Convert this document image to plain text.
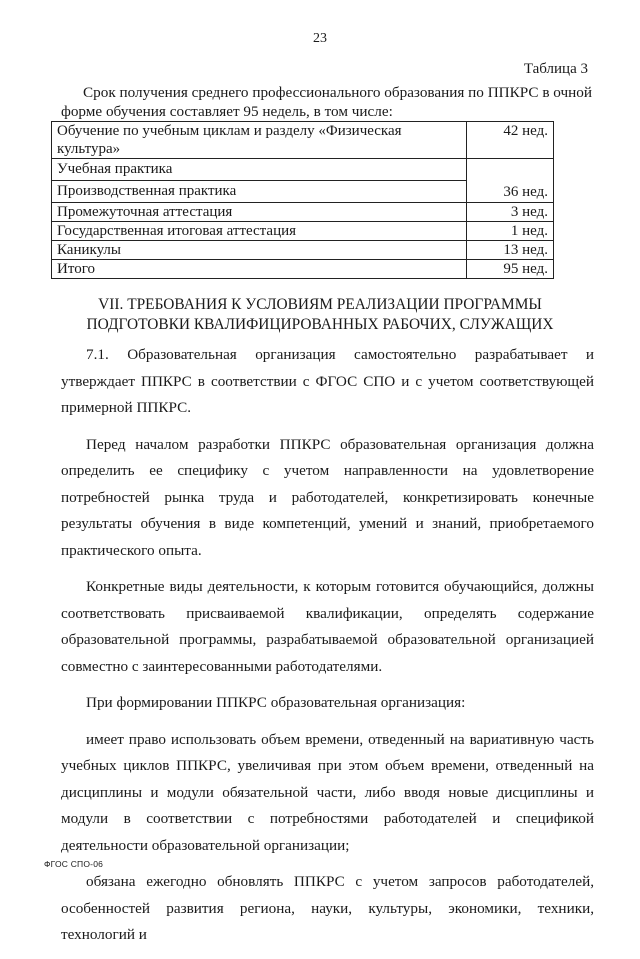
23
Таблица 3
Срок получения среднего профессионального образования по ППКРС в очной форме обучения составляет 95 недель, в том числе:
Обучение по учебным циклам и разделу «Физическая культура»	42 нед.

Учебная практика
Производственная практика	36 нед.
Промежуточная аттестация	3 нед.
Государственная итоговая аттестация	1 нед.
Каникулы	13 нед.
Итого	95 нед.
VII. ТРЕБОВАНИЯ К УСЛОВИЯМ РЕАЛИЗАЦИИ ПРОГРАММЫ
ПОДГОТОВКИ КВАЛИФИЦИРОВАННЫХ РАБОЧИХ, СЛУЖАЩИХ

7.1. Образовательная организация самостоятельно разрабатывает и утверждает ППКРС в соответствии с ФГОС СПО и с учетом соответствующей примерной ППКРС.

Перед началом разработки ППКРС образовательная организация должна определить ее специфику с учетом направленности на удовлетворение потребностей рынка труда и работодателей, конкретизировать конечные результаты обучения в виде компетенций, умений и знаний, приобретаемого практического опыта.

Конкретные виды деятельности, к которым готовится обучающийся, должны соответствовать присваиваемой квалификации, определять содержание образовательной программы, разрабатываемой образовательной организацией совместно с заинтересованными работодателями.

При формировании ППКРС образовательная организация:

имеет право использовать объем времени, отведенный на вариативную часть учебных циклов ППКРС, увеличивая при этом объем времени, отведенный на дисциплины и модули обязательной части, либо вводя новые дисциплины и модули в соответствии с потребностями работодателей и спецификой деятельности образовательной организации;

обязана ежегодно обновлять ППКРС с учетом запросов работодателей, особенностей развития региона, науки, культуры, экономики, техники, технологий и

ФГОС СПО-06
